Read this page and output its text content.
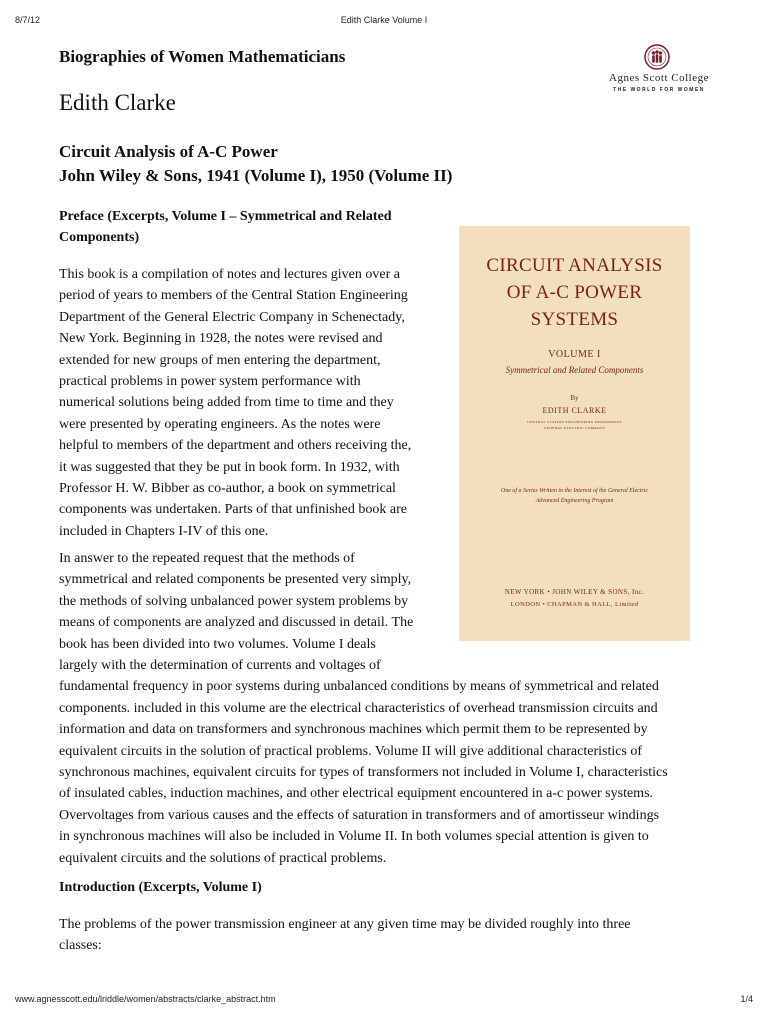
8/7/12	Edith Clarke Volume I
Biographies of Women Mathematicians
Edith Clarke
Agnes Scott College
THE WORLD FOR WOMEN
Circuit Analysis of A-C Power
John Wiley & Sons, 1941 (Volume I), 1950 (Volume II)
Preface (Excerpts, Volume I – Symmetrical and Related Components)
This book is a compilation of notes and lectures given over a
period of years to members of the Central Station Engineering
Department of the General Electric Company in Schenectady,
New York. Beginning in 1928, the notes were revised and
extended for new groups of men entering the department,
practical problems in power system performance with
numerical solutions being added from time to time and they
were presented by operating engineers. As the notes were
helpful to members of the department and others receiving the,
it was suggested that they be put in book form. In 1932, with
Professor H. W. Bibber as co-author, a book on symmetrical
components was undertaken. Parts of that unfinished book are
included in Chapters I-IV of this one.
In answer to the repeated request that the methods of
symmetrical and related components be presented very simply,
the methods of solving unbalanced power system problems by
means of components are analyzed and discussed in detail. The
book has been divided into two volumes. Volume I deals
largely with the determination of currents and voltages of
fundamental frequency in poor systems during unbalanced conditions by means of symmetrical and related
components. included in this volume are the electrical characteristics of overhead transmission circuits and
information and data on transformers and synchronous machines which permit them to be represented by
equivalent circuits in the solution of practical problems. Volume II will give additional characteristics of
synchronous machines, equivalent circuits for types of transformers not included in Volume I, characteristics
of insulated cables, induction machines, and other electrical equipment encountered in a-c power systems.
Overvoltages from various causes and the effects of saturation in transformers and of amortisseur windings
in synchronous machines will also be included in Volume II. In both volumes special attention is given to
equivalent circuits and the solutions of practical problems.
Introduction (Excerpts, Volume I)
The problems of the power transmission engineer at any given time may be divided roughly into three
classes:
CIRCUIT ANALYSIS
OF A-C POWER
SYSTEMS
VOLUME I
Symmetrical and Related Components
By
EDITH CLARKE
CENTRAL STATION ENGINEERING DEPARTMENT
GENERAL ELECTRIC COMPANY
One of a Series Written in the Interest of the General Electric Advanced Engineering Program
NEW YORK • JOHN WILEY & SONS, Inc.
LONDON • CHAPMAN & HALL, Limited
www.agnesscott.edu/lriddle/women/abstracts/clarke_abstract.htm	1/4
